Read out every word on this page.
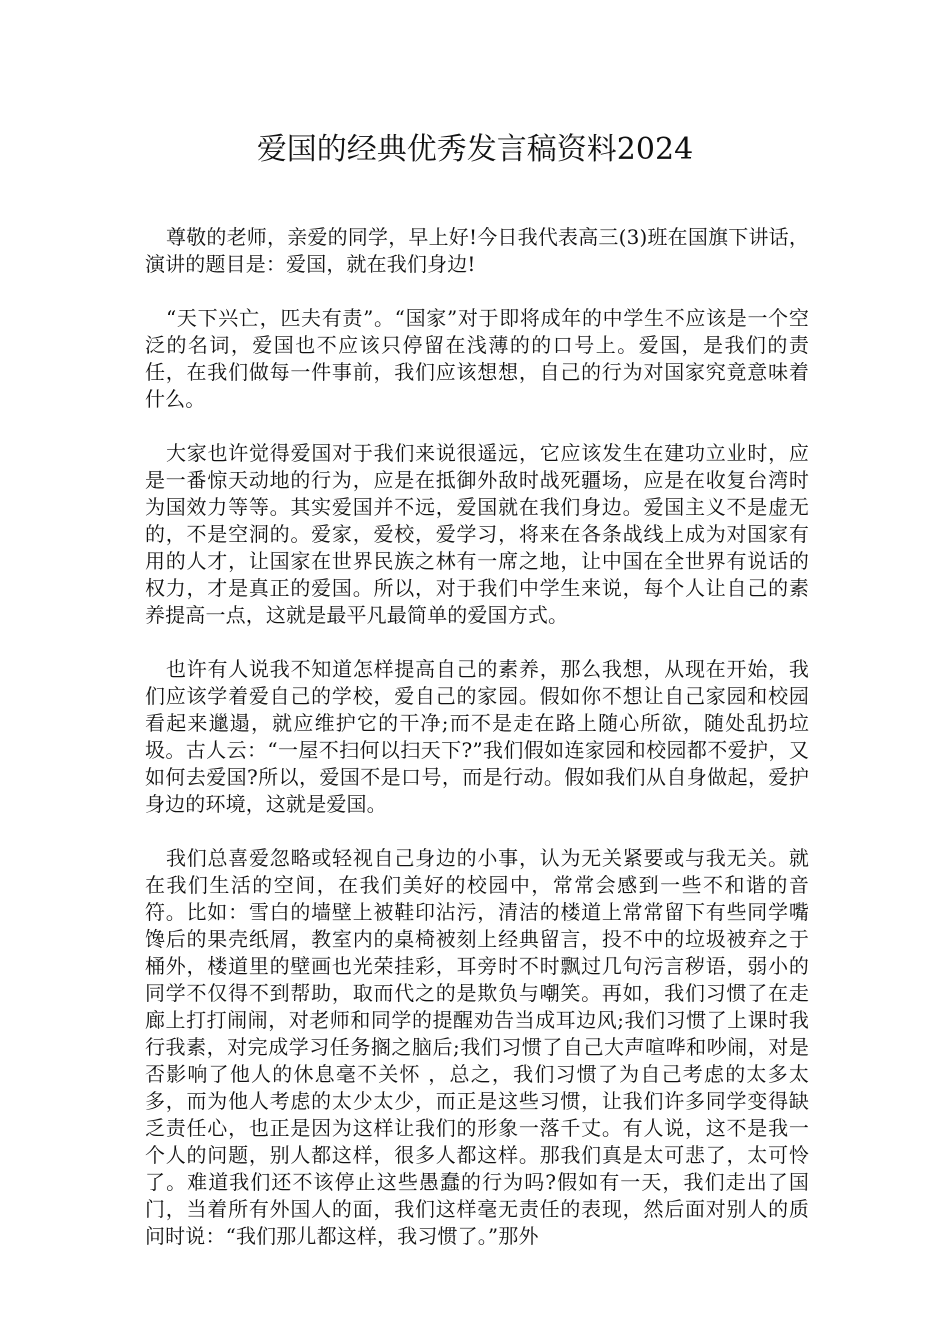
爱国的经典优秀发言稿资料2024

尊敬的老师，亲爱的同学，早上好!今日我代表高三(3)班在国旗下讲话，演讲的题目是：爱国，就在我们身边!

“天下兴亡，匹夫有责”。“国家”对于即将成年的中学生不应该是一个空泛的名词，爱国也不应该只停留在浅薄的的口号上。爱国，是我们的责任，在我们做每一件事前，我们应该想想，自己的行为对国家究竟意味着什么。

大家也许觉得爱国对于我们来说很遥远，它应该发生在建功立业时，应是一番惊天动地的行为，应是在抵御外敌时战死疆场，应是在收复台湾时为国效力等等。其实爱国并不远，爱国就在我们身边。爱国主义不是虚无的，不是空洞的。爱家，爱校，爱学习，将来在各条战线上成为对国家有用的人才，让国家在世界民族之林有一席之地，让中国在全世界有说话的权力，才是真正的爱国。所以，对于我们中学生来说，每个人让自己的素养提高一点，这就是最平凡最简单的爱国方式。

也许有人说我不知道怎样提高自己的素养，那么我想，从现在开始，我们应该学着爱自己的学校，爱自己的家园。假如你不想让自己家园和校园看起来邋遢，就应维护它的干净;而不是走在路上随心所欲，随处乱扔垃圾。古人云：“一屋不扫何以扫天下?”我们假如连家园和校园都不爱护，又如何去爱国?所以，爱国不是口号，而是行动。假如我们从自身做起，爱护身边的环境，这就是爱国。

我们总喜爱忽略或轻视自己身边的小事，认为无关紧要或与我无关。就在我们生活的空间，在我们美好的校园中，常常会感到一些不和谐的音符。比如：雪白的墙壁上被鞋印沾污，清洁的楼道上常常留下有些同学嘴馋后的果壳纸屑，教室内的桌椅被刻上经典留言，投不中的垃圾被弃之于桶外，楼道里的壁画也光荣挂彩，耳旁时不时飘过几句污言秽语，弱小的同学不仅得不到帮助，取而代之的是欺负与嘲笑。再如，我们习惯了在走廊上打打闹闹，对老师和同学的提醒劝告当成耳边风;我们习惯了上课时我行我素，对完成学习任务搁之脑后;我们习惯了自己大声喧哗和吵闹，对是否影响了他人的休息毫不关怀 ，总之，我们习惯了为自己考虑的太多太多，而为他人考虑的太少太少，而正是这些习惯，让我们许多同学变得缺乏责任心，也正是因为这样让我们的形象一落千丈。有人说，这不是我一个人的问题，别人都这样，很多人都这样。那我们真是太可悲了，太可怜了。难道我们还不该停止这些愚蠢的行为吗?假如有一天，我们走出了国门，当着所有外国人的面，我们这样毫无责任的表现，然后面对别人的质问时说：“我们那儿都这样，我习惯了。”那外
